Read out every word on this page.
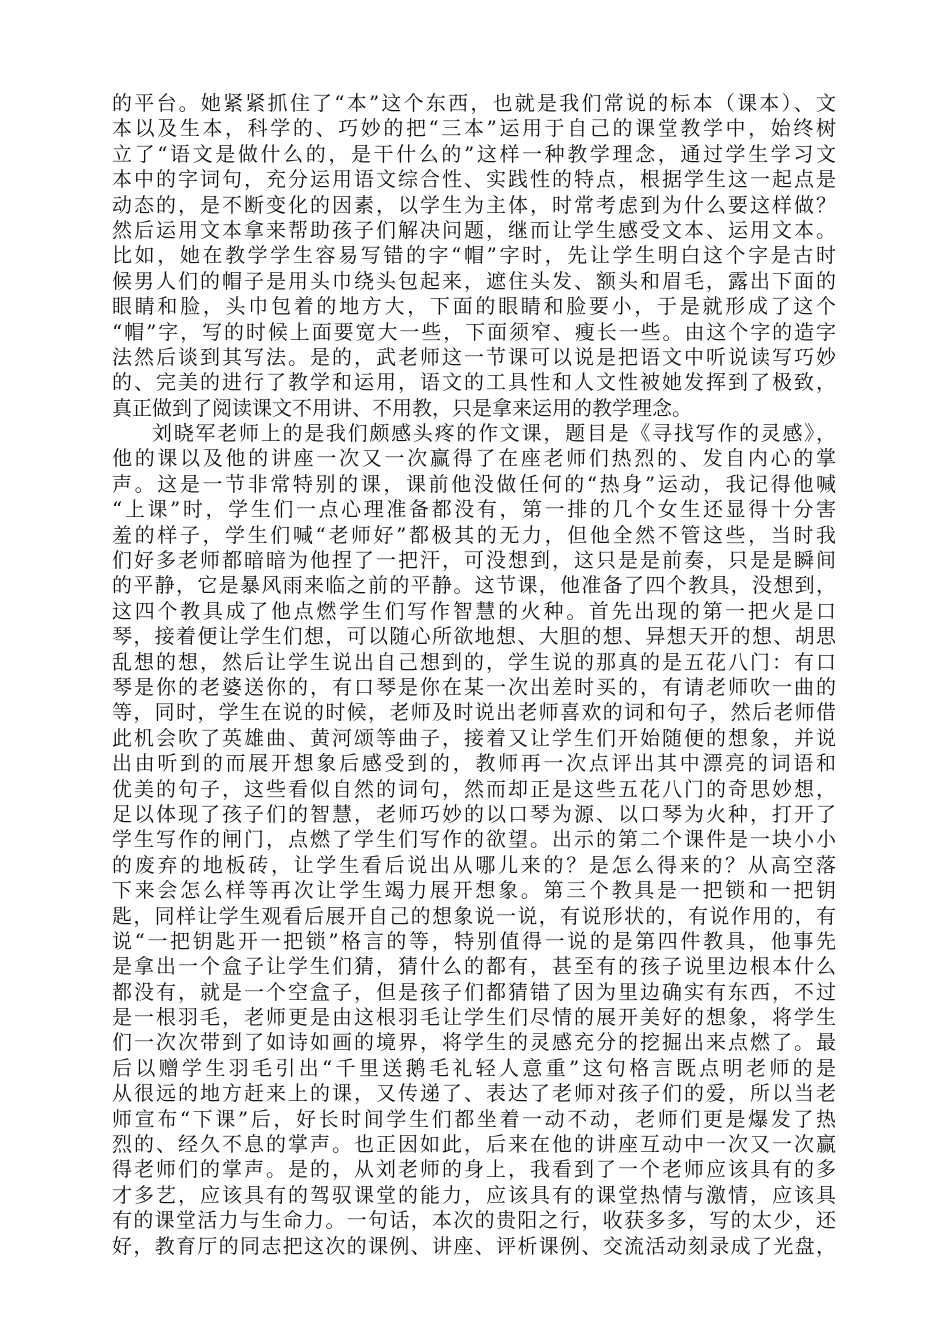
的平台。她紧紧抓住了“本”这个东西，也就是我们常说的标本（课本）、文
本以及生本，科学的、巧妙的把“三本”运用于自己的课堂教学中，始终树
立了“语文是做什么的，是干什么的”这样一种教学理念，通过学生学习文
本中的字词句，充分运用语文综合性、实践性的特点，根据学生这一起点是
动态的，是不断变化的因素，以学生为主体，时常考虑到为什么要这样做？
然后运用文本拿来帮助孩子们解决问题，继而让学生感受文本、运用文本。
比如，她在教学学生容易写错的字“帽”字时，先让学生明白这个字是古时
候男人们的帽子是用头巾绕头包起来，遮住头发、额头和眉毛，露出下面的
眼睛和脸，头巾包着的地方大，下面的眼睛和脸要小，于是就形成了这个
“帽”字，写的时候上面要宽大一些，下面须窄、瘦长一些。由这个字的造字
法然后谈到其写法。是的，武老师这一节课可以说是把语文中听说读写巧妙
的、完美的进行了教学和运用，语文的工具性和人文性被她发挥到了极致，
真正做到了阅读课文不用讲、不用教，只是拿来运用的教学理念。
刘晓军老师上的是我们颇感头疼的作文课，题目是《寻找写作的灵感》，
他的课以及他的讲座一次又一次赢得了在座老师们热烈的、发自内心的掌
声。这是一节非常特别的课，课前他没做任何的“热身”运动，我记得他喊
“上课”时，学生们一点心理准备都没有，第一排的几个女生还显得十分害
羞的样子，学生们喊“老师好”都极其的无力，但他全然不管这些，当时我
们好多老师都暗暗为他捏了一把汗，可没想到，这只是是前奏，只是是瞬间
的平静，它是暴风雨来临之前的平静。这节课，他准备了四个教具，没想到，
这四个教具成了他点燃学生们写作智慧的火种。首先出现的第一把火是口
琴，接着便让学生们想，可以随心所欲地想、大胆的想、异想天开的想、胡思
乱想的想，然后让学生说出自己想到的，学生说的那真的是五花八门：有口
琴是你的老婆送你的，有口琴是你在某一次出差时买的，有请老师吹一曲的
等，同时，学生在说的时候，老师及时说出老师喜欢的词和句子，然后老师借
此机会吹了英雄曲、黄河颂等曲子，接着又让学生们开始随便的想象，并说
出由听到的而展开想象后感受到的，教师再一次点评出其中漂亮的词语和
优美的句子，这些看似自然的词句，然而却正是这些五花八门的奇思妙想，
足以体现了孩子们的智慧，老师巧妙的以口琴为源、以口琴为火种，打开了
学生写作的闸门，点燃了学生们写作的欲望。出示的第二个课件是一块小小
的废弃的地板砖，让学生看后说出从哪儿来的？是怎么得来的？从高空落
下来会怎么样等再次让学生竭力展开想象。第三个教具是一把锁和一把钥
匙，同样让学生观看后展开自己的想象说一说，有说形状的，有说作用的，有
说“一把钥匙开一把锁”格言的等，特别值得一说的是第四件教具，他事先
是拿出一个盒子让学生们猜，猜什么的都有，甚至有的孩子说里边根本什么
都没有，就是一个空盒子，但是孩子们都猜错了因为里边确实有东西，不过
是一根羽毛，老师更是由这根羽毛让学生们尽情的展开美好的想象，将学生
们一次次带到了如诗如画的境界，将学生的灵感充分的挖掘出来点燃了。最
后以赠学生羽毛引出“千里送鹅毛礼轻人意重”这句格言既点明老师的是
从很远的地方赶来上的课，又传递了、表达了老师对孩子们的爱，所以当老
师宣布“下课”后，好长时间学生们都坐着一动不动，老师们更是爆发了热
烈的、经久不息的掌声。也正因如此，后来在他的讲座互动中一次又一次赢
得老师们的掌声。是的，从刘老师的身上，我看到了一个老师应该具有的多
才多艺，应该具有的驾驭课堂的能力，应该具有的课堂热情与激情，应该具
有的课堂活力与生命力。一句话，本次的贵阳之行，收获多多，写的太少，还
好，教育厅的同志把这次的课例、讲座、评析课例、交流活动刻录成了光盘，
